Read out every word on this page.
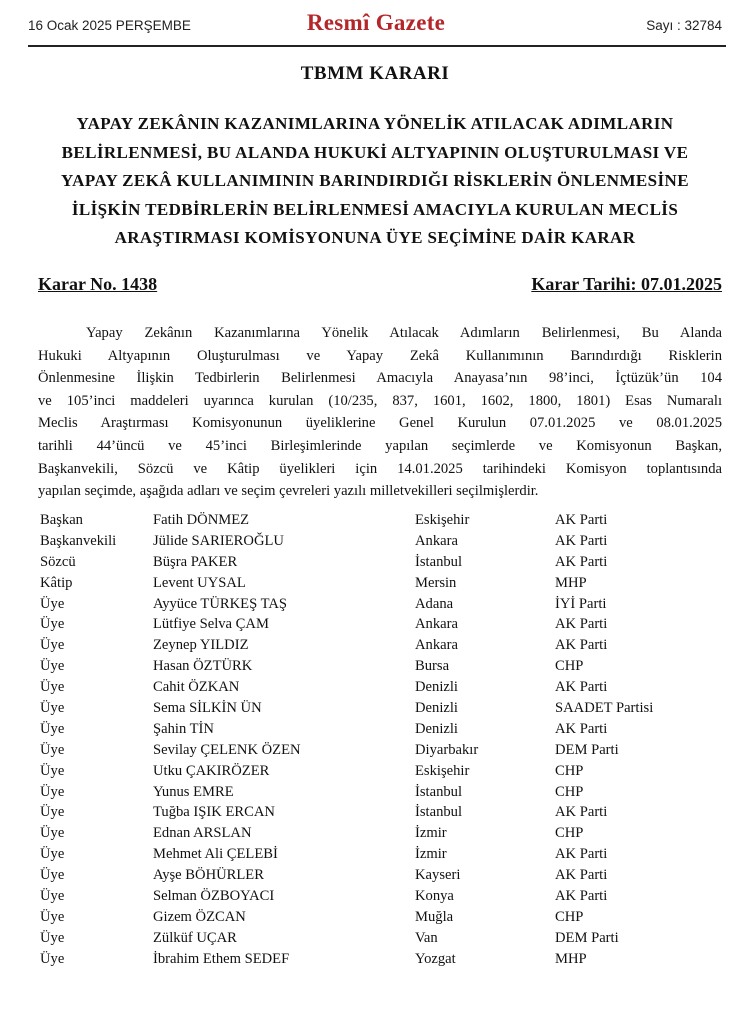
16 Ocak 2025 PERŞEMBE	Resmî Gazete	Sayı : 32784
TBMM KARARI
YAPAY ZEKÂNIN KAZANIMLARINA YÖNELİK ATILACAK ADIMLARIN
BELİRLENMESİ, BU ALANDA HUKUKİ ALTYAPININ OLUŞTURULMASI VE
YAPAY ZEKÂ KULLANIMININ BARINDIRDIĞI RİSKLERİN ÖNLENMESİNE
İLİŞKİN TEDBİRLERİN BELİRLENMESİ AMACIYLA KURULAN MECLİS
ARAŞTIRMASI KOMİSYONUNA ÜYE SEÇİMİNE DAİR KARAR
Karar No. 1438	Karar Tarihi: 07.01.2025
Yapay Zekânın Kazanımlarına Yönelik Atılacak Adımların Belirlenmesi, Bu Alanda
Hukuki Altyapının Oluşturulması ve Yapay Zekâ Kullanımının Barındırdığı Risklerin
Önlenmesine İlişkin Tedbirlerin Belirlenmesi Amacıyla Anayasa’nın 98’inci, İçtüzük’ün 104
ve 105’inci maddeleri uyarınca kurulan (10/235, 837, 1601, 1602, 1800, 1801) Esas Numaralı
Meclis Araştırması Komisyonunun üyeliklerine Genel Kurulun 07.01.2025 ve 08.01.2025
tarihli 44’üncü ve 45’inci Birleşimlerinde yapılan seçimlerde ve Komisyonun Başkan,
Başkanvekili, Sözcü ve Kâtip üyelikleri için 14.01.2025 tarihindeki Komisyon toplantısında
yapılan seçimde, aşağıda adları ve seçim çevreleri yazılı milletvekilleri seçilmişlerdir.
Başkan	Fatih DÖNMEZ	Eskişehir	AK Parti
Başkanvekili	Jülide SARIEROĞLU	Ankara	AK Parti
Sözcü	Büşra PAKER	İstanbul	AK Parti
Kâtip	Levent UYSAL	Mersin	MHP
Üye	Ayyüce TÜRKEŞ TAŞ	Adana	İYİ Parti
Üye	Lütfiye Selva ÇAM	Ankara	AK Parti
Üye	Zeynep YILDIZ	Ankara	AK Parti
Üye	Hasan ÖZTÜRK	Bursa	CHP
Üye	Cahit ÖZKAN	Denizli	AK Parti
Üye	Sema SİLKİN ÜN	Denizli	SAADET Partisi
Üye	Şahin TİN	Denizli	AK Parti
Üye	Sevilay ÇELENK ÖZEN	Diyarbakır	DEM Parti
Üye	Utku ÇAKIRÖZER	Eskişehir	CHP
Üye	Yunus EMRE	İstanbul	CHP
Üye	Tuğba IŞIK ERCAN	İstanbul	AK Parti
Üye	Ednan ARSLAN	İzmir	CHP
Üye	Mehmet Ali ÇELEBİ	İzmir	AK Parti
Üye	Ayşe BÖHÜRLER	Kayseri	AK Parti
Üye	Selman ÖZBOYACI	Konya	AK Parti
Üye	Gizem ÖZCAN	Muğla	CHP
Üye	Zülküf UÇAR	Van	DEM Parti
Üye	İbrahim Ethem SEDEF	Yozgat	MHP
